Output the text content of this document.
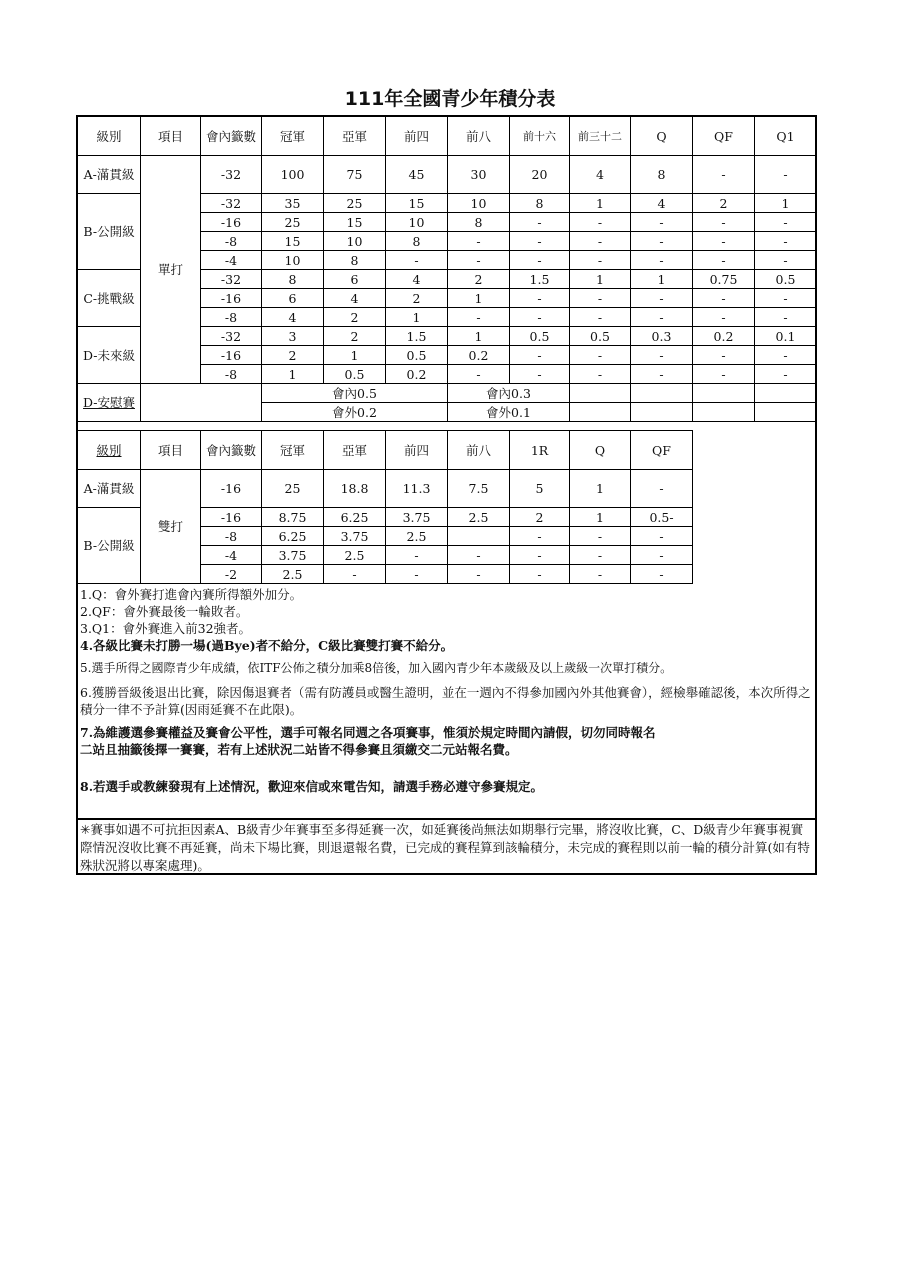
111年全國青少年積分表
級別	項目	會內籤數	冠軍	亞軍	前四	前八	前十六	前三十二	Q	QF	Q1
A-滿貫級	單打	-32	100	75	45	30	20	4	8	-	-
B-公開級		-32	35	25	15	10	8	1	4	2	1
		-16	25	15	10	8	-	-	-	-	-
		-8	15	10	8	-	-	-	-	-	-
		-4	10	8	-	-	-	-	-	-	-
C-挑戰級		-32	8	6	4	2	1.5	1	1	0.75	0.5
		-16	6	4	2	1	-	-	-	-	-
		-8	4	2	1	-	-	-	-	-	-
D-未來級		-32	3	2	1.5	1	0.5	0.5	0.3	0.2	0.1
		-16	2	1	0.5	0.2	-	-	-	-	-
		-8	1	0.5	0.2	-	-	-	-	-	-
D-安慰賽			會內0.5			會內0.3					
			會外0.2			會外0.1					
級別	項目	會內籤數	冠軍	亞軍	前四	前八	1R	Q	QF
A-滿貫級	雙打	-16	25	18.8	11.3	7.5	5	1	-
B-公開級		-16	8.75	6.25	3.75	2.5	2	1	0.5-
		-8	6.25	3.75	2.5		-	-	-
		-4	3.75	2.5	-	-	-	-	-
		-2	2.5	-	-	-	-	-	-

1.Q：會外賽打進會內賽所得額外加分。

2.QF：會外賽最後一輪敗者。

3.Q1：會外賽進入前32強者。

4.各級比賽未打勝一場(過Bye)者不給分，C級比賽雙打賽不給分。

5.選手所得之國際青少年成績，依ITF公佈之積分加乘8倍後，加入國內青少年本歲級及以上歲級一次單打積分。

6.獲勝晉級後退出比賽，除因傷退賽者（需有防護員或醫生證明，並在一週內不得參加國內外其他賽會），經檢舉確認後，本次所得之積分一律不予計算(因雨延賽不在此限)。

7.為維護選參賽權益及賽會公平性，選手可報名同週之各項賽事，惟須於規定時間內請假，切勿同時報名二站且抽籤後擇一賽賽，若有上述狀況二站皆不得參賽且須繳交二元站報名費。

8.若選手或教練發現有上述情況，歡迎來信或來電告知，請選手務必遵守參賽規定。

✳賽事如遇不可抗拒因素A、B級青少年賽事至多得延賽一次，如延賽後尚無法如期舉行完畢，將沒收比賽，C、D級青少年賽事視實際情況沒收比賽不再延賽，尚未下場比賽，則退還報名費，已完成的賽程算到該輪積分，未完成的賽程則以前一輪的積分計算(如有特殊狀況將以專案處理)。
